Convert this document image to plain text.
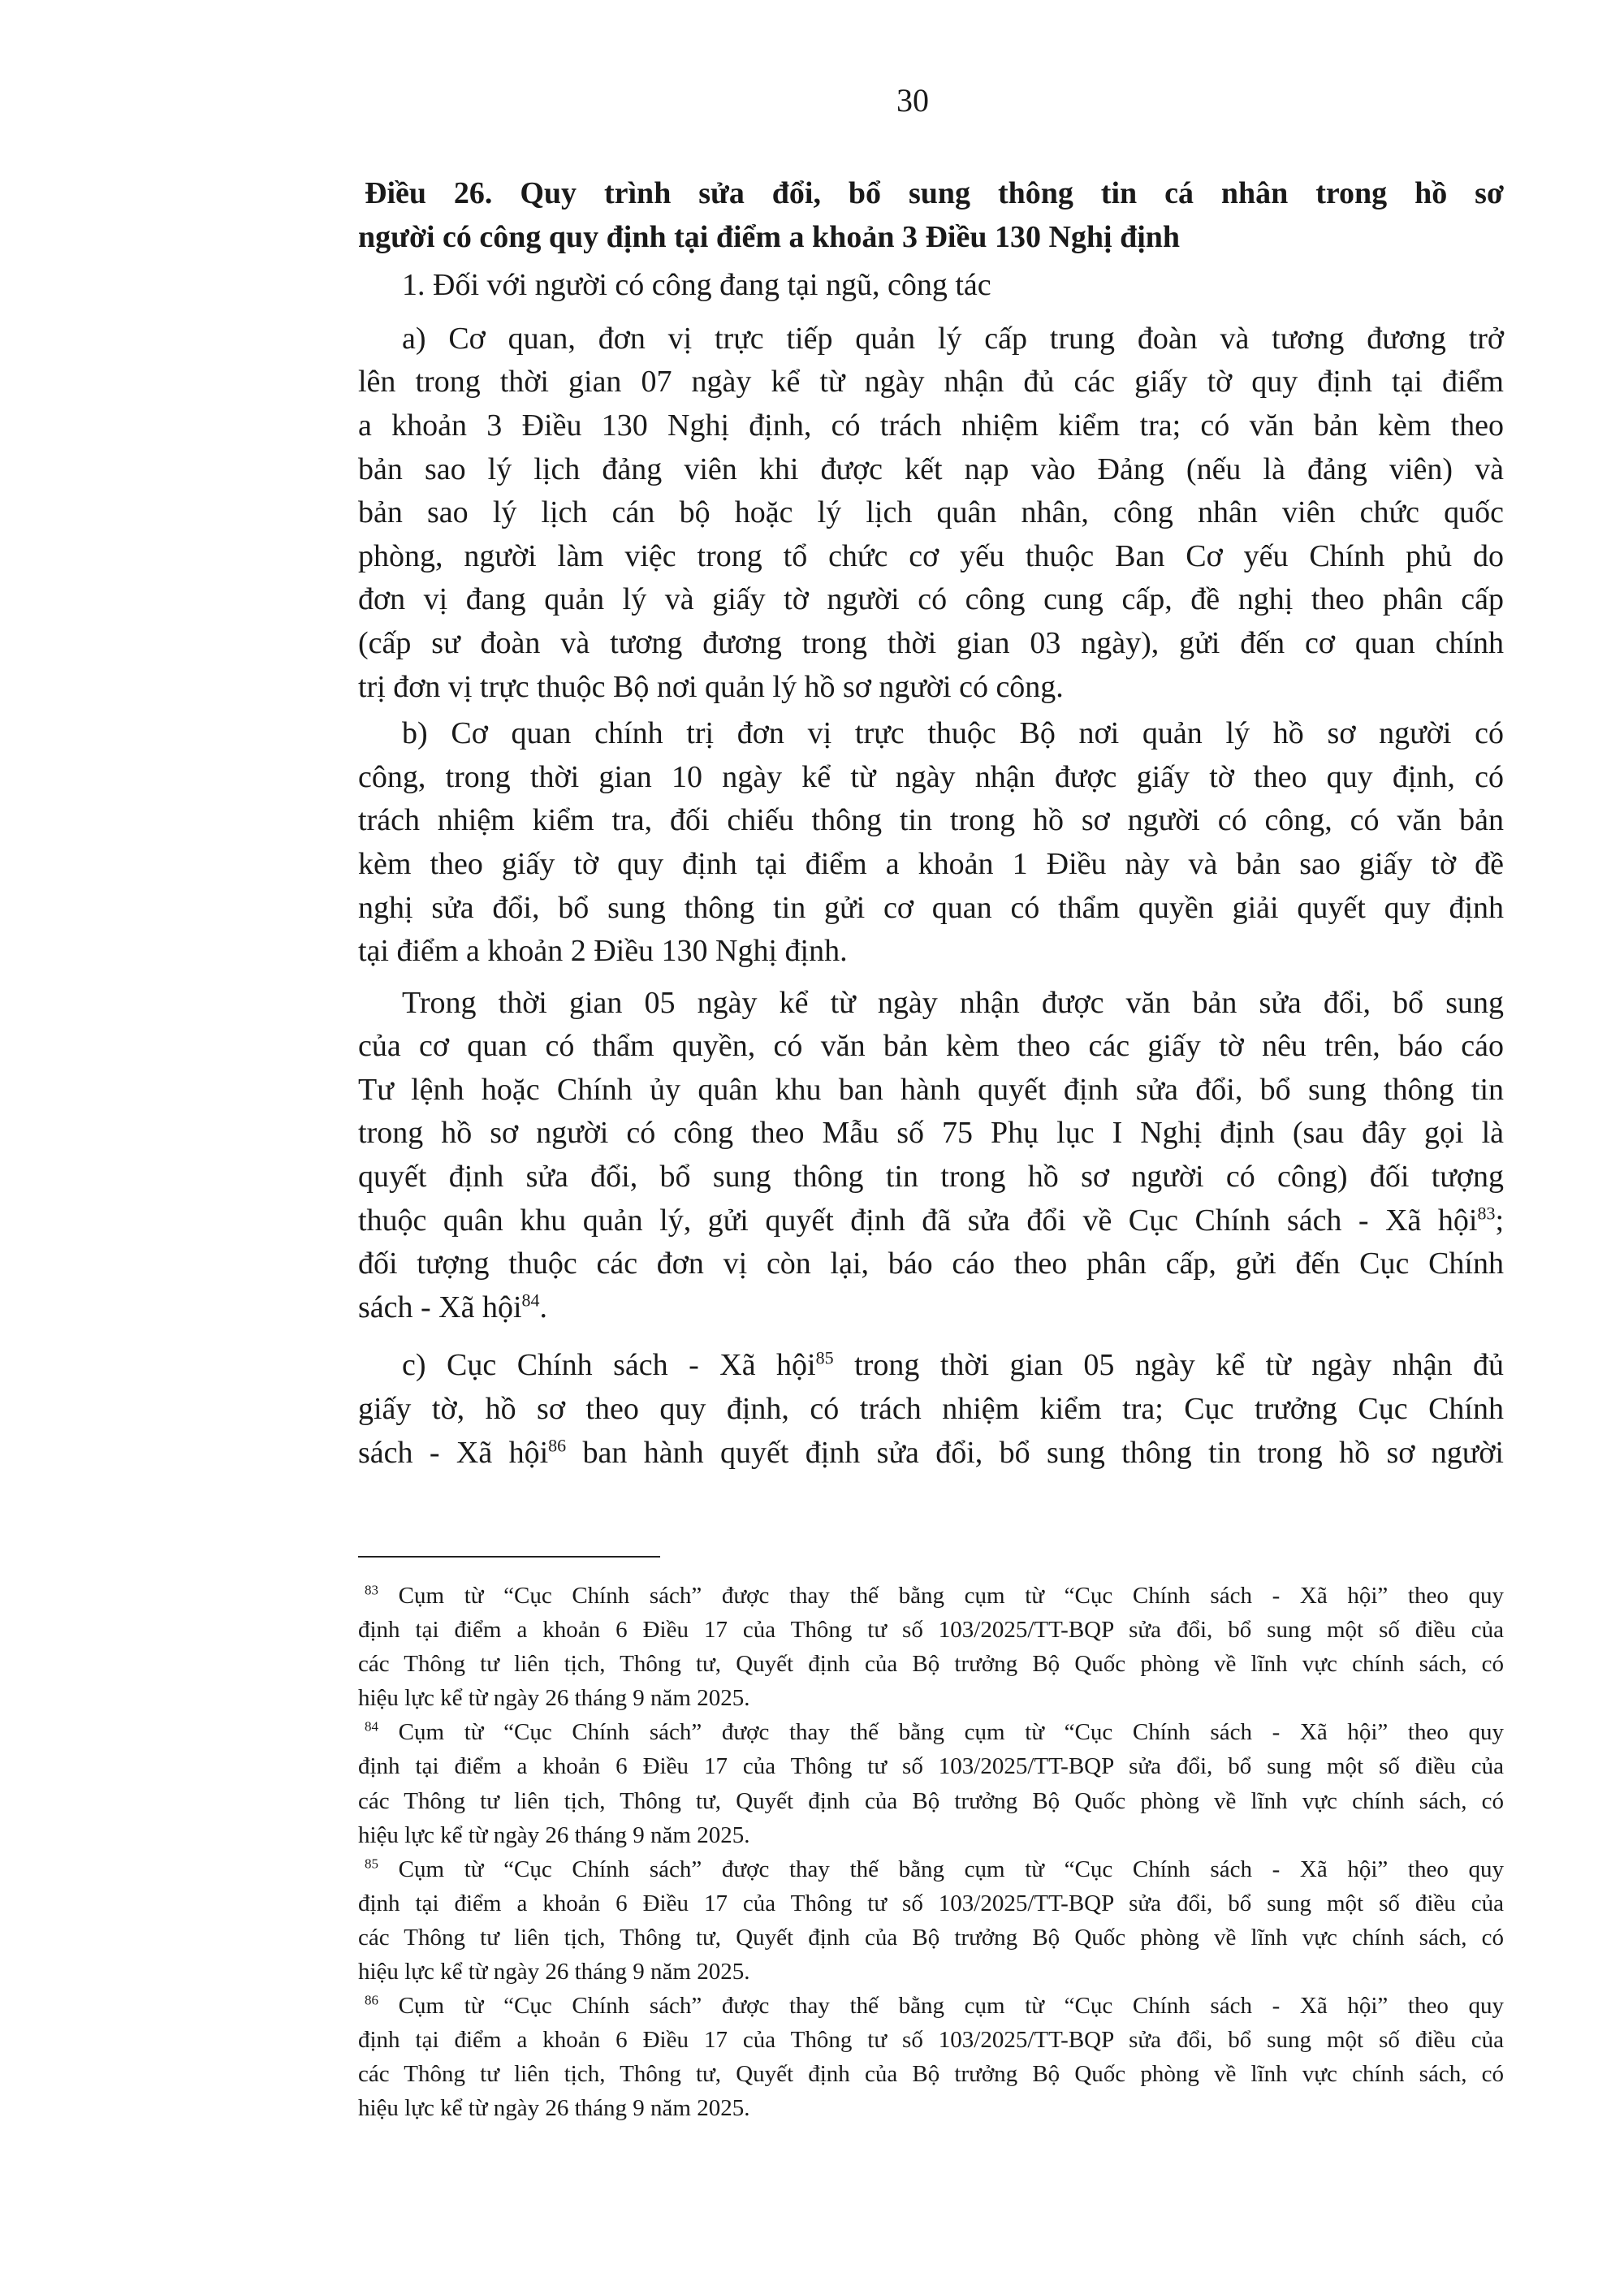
30
Điều 26. Quy trình sửa đổi, bổ sung thông tin cá nhân trong hồ sơ
người có công quy định tại điểm a khoản 3 Điều 130 Nghị định
1. Đối với người có công đang tại ngũ, công tác
a) Cơ quan, đơn vị trực tiếp quản lý cấp trung đoàn và tương đương trở
lên trong thời gian 07 ngày kể từ ngày nhận đủ các giấy tờ quy định tại điểm
a khoản 3 Điều 130 Nghị định, có trách nhiệm kiểm tra; có văn bản kèm theo
bản sao lý lịch đảng viên khi được kết nạp vào Đảng (nếu là đảng viên) và
bản sao lý lịch cán bộ hoặc lý lịch quân nhân, công nhân viên chức quốc
phòng, người làm việc trong tổ chức cơ yếu thuộc Ban Cơ yếu Chính phủ do
đơn vị đang quản lý và giấy tờ người có công cung cấp, đề nghị theo phân cấp
(cấp sư đoàn và tương đương trong thời gian 03 ngày), gửi đến cơ quan chính
trị đơn vị trực thuộc Bộ nơi quản lý hồ sơ người có công.
b) Cơ quan chính trị đơn vị trực thuộc Bộ nơi quản lý hồ sơ người có
công, trong thời gian 10 ngày kể từ ngày nhận được giấy tờ theo quy định, có
trách nhiệm kiểm tra, đối chiếu thông tin trong hồ sơ người có công, có văn bản
kèm theo giấy tờ quy định tại điểm a khoản 1 Điều này và bản sao giấy tờ đề
nghị sửa đổi, bổ sung thông tin gửi cơ quan có thẩm quyền giải quyết quy định
tại điểm a khoản 2 Điều 130 Nghị định.
Trong thời gian 05 ngày kể từ ngày nhận được văn bản sửa đổi, bổ sung
của cơ quan có thẩm quyền, có văn bản kèm theo các giấy tờ nêu trên, báo cáo
Tư lệnh hoặc Chính ủy quân khu ban hành quyết định sửa đổi, bổ sung thông tin
trong hồ sơ người có công theo Mẫu số 75 Phụ lục I Nghị định (sau đây gọi là
quyết định sửa đổi, bổ sung thông tin trong hồ sơ người có công) đối tượng
thuộc quân khu quản lý, gửi quyết định đã sửa đổi về Cục Chính sách - Xã hội$^{83}$;
đối tượng thuộc các đơn vị còn lại, báo cáo theo phân cấp, gửi đến Cục Chính
sách - Xã hội$^{84}$.
c) Cục Chính sách - Xã hội$^{85}$ trong thời gian 05 ngày kể từ ngày nhận đủ
giấy tờ, hồ sơ theo quy định, có trách nhiệm kiểm tra; Cục trưởng Cục Chính
sách - Xã hội$^{86}$ ban hành quyết định sửa đổi, bổ sung thông tin trong hồ sơ người
$^{83}$ Cụm từ “Cục Chính sách” được thay thế bằng cụm từ “Cục Chính sách - Xã hội” theo quy
định tại điểm a khoản 6 Điều 17 của Thông tư số 103/2025/TT-BQP sửa đổi, bổ sung một số điều của
các Thông tư liên tịch, Thông tư, Quyết định của Bộ trưởng Bộ Quốc phòng về lĩnh vực chính sách, có
hiệu lực kể từ ngày 26 tháng 9 năm 2025.
$^{84}$ Cụm từ “Cục Chính sách” được thay thế bằng cụm từ “Cục Chính sách - Xã hội” theo quy
định tại điểm a khoản 6 Điều 17 của Thông tư số 103/2025/TT-BQP sửa đổi, bổ sung một số điều của
các Thông tư liên tịch, Thông tư, Quyết định của Bộ trưởng Bộ Quốc phòng về lĩnh vực chính sách, có
hiệu lực kể từ ngày 26 tháng 9 năm 2025.
$^{85}$ Cụm từ “Cục Chính sách” được thay thế bằng cụm từ “Cục Chính sách - Xã hội” theo quy
định tại điểm a khoản 6 Điều 17 của Thông tư số 103/2025/TT-BQP sửa đổi, bổ sung một số điều của
các Thông tư liên tịch, Thông tư, Quyết định của Bộ trưởng Bộ Quốc phòng về lĩnh vực chính sách, có
hiệu lực kể từ ngày 26 tháng 9 năm 2025.
$^{86}$ Cụm từ “Cục Chính sách” được thay thế bằng cụm từ “Cục Chính sách - Xã hội” theo quy
định tại điểm a khoản 6 Điều 17 của Thông tư số 103/2025/TT-BQP sửa đổi, bổ sung một số điều của
các Thông tư liên tịch, Thông tư, Quyết định của Bộ trưởng Bộ Quốc phòng về lĩnh vực chính sách, có
hiệu lực kể từ ngày 26 tháng 9 năm 2025.
